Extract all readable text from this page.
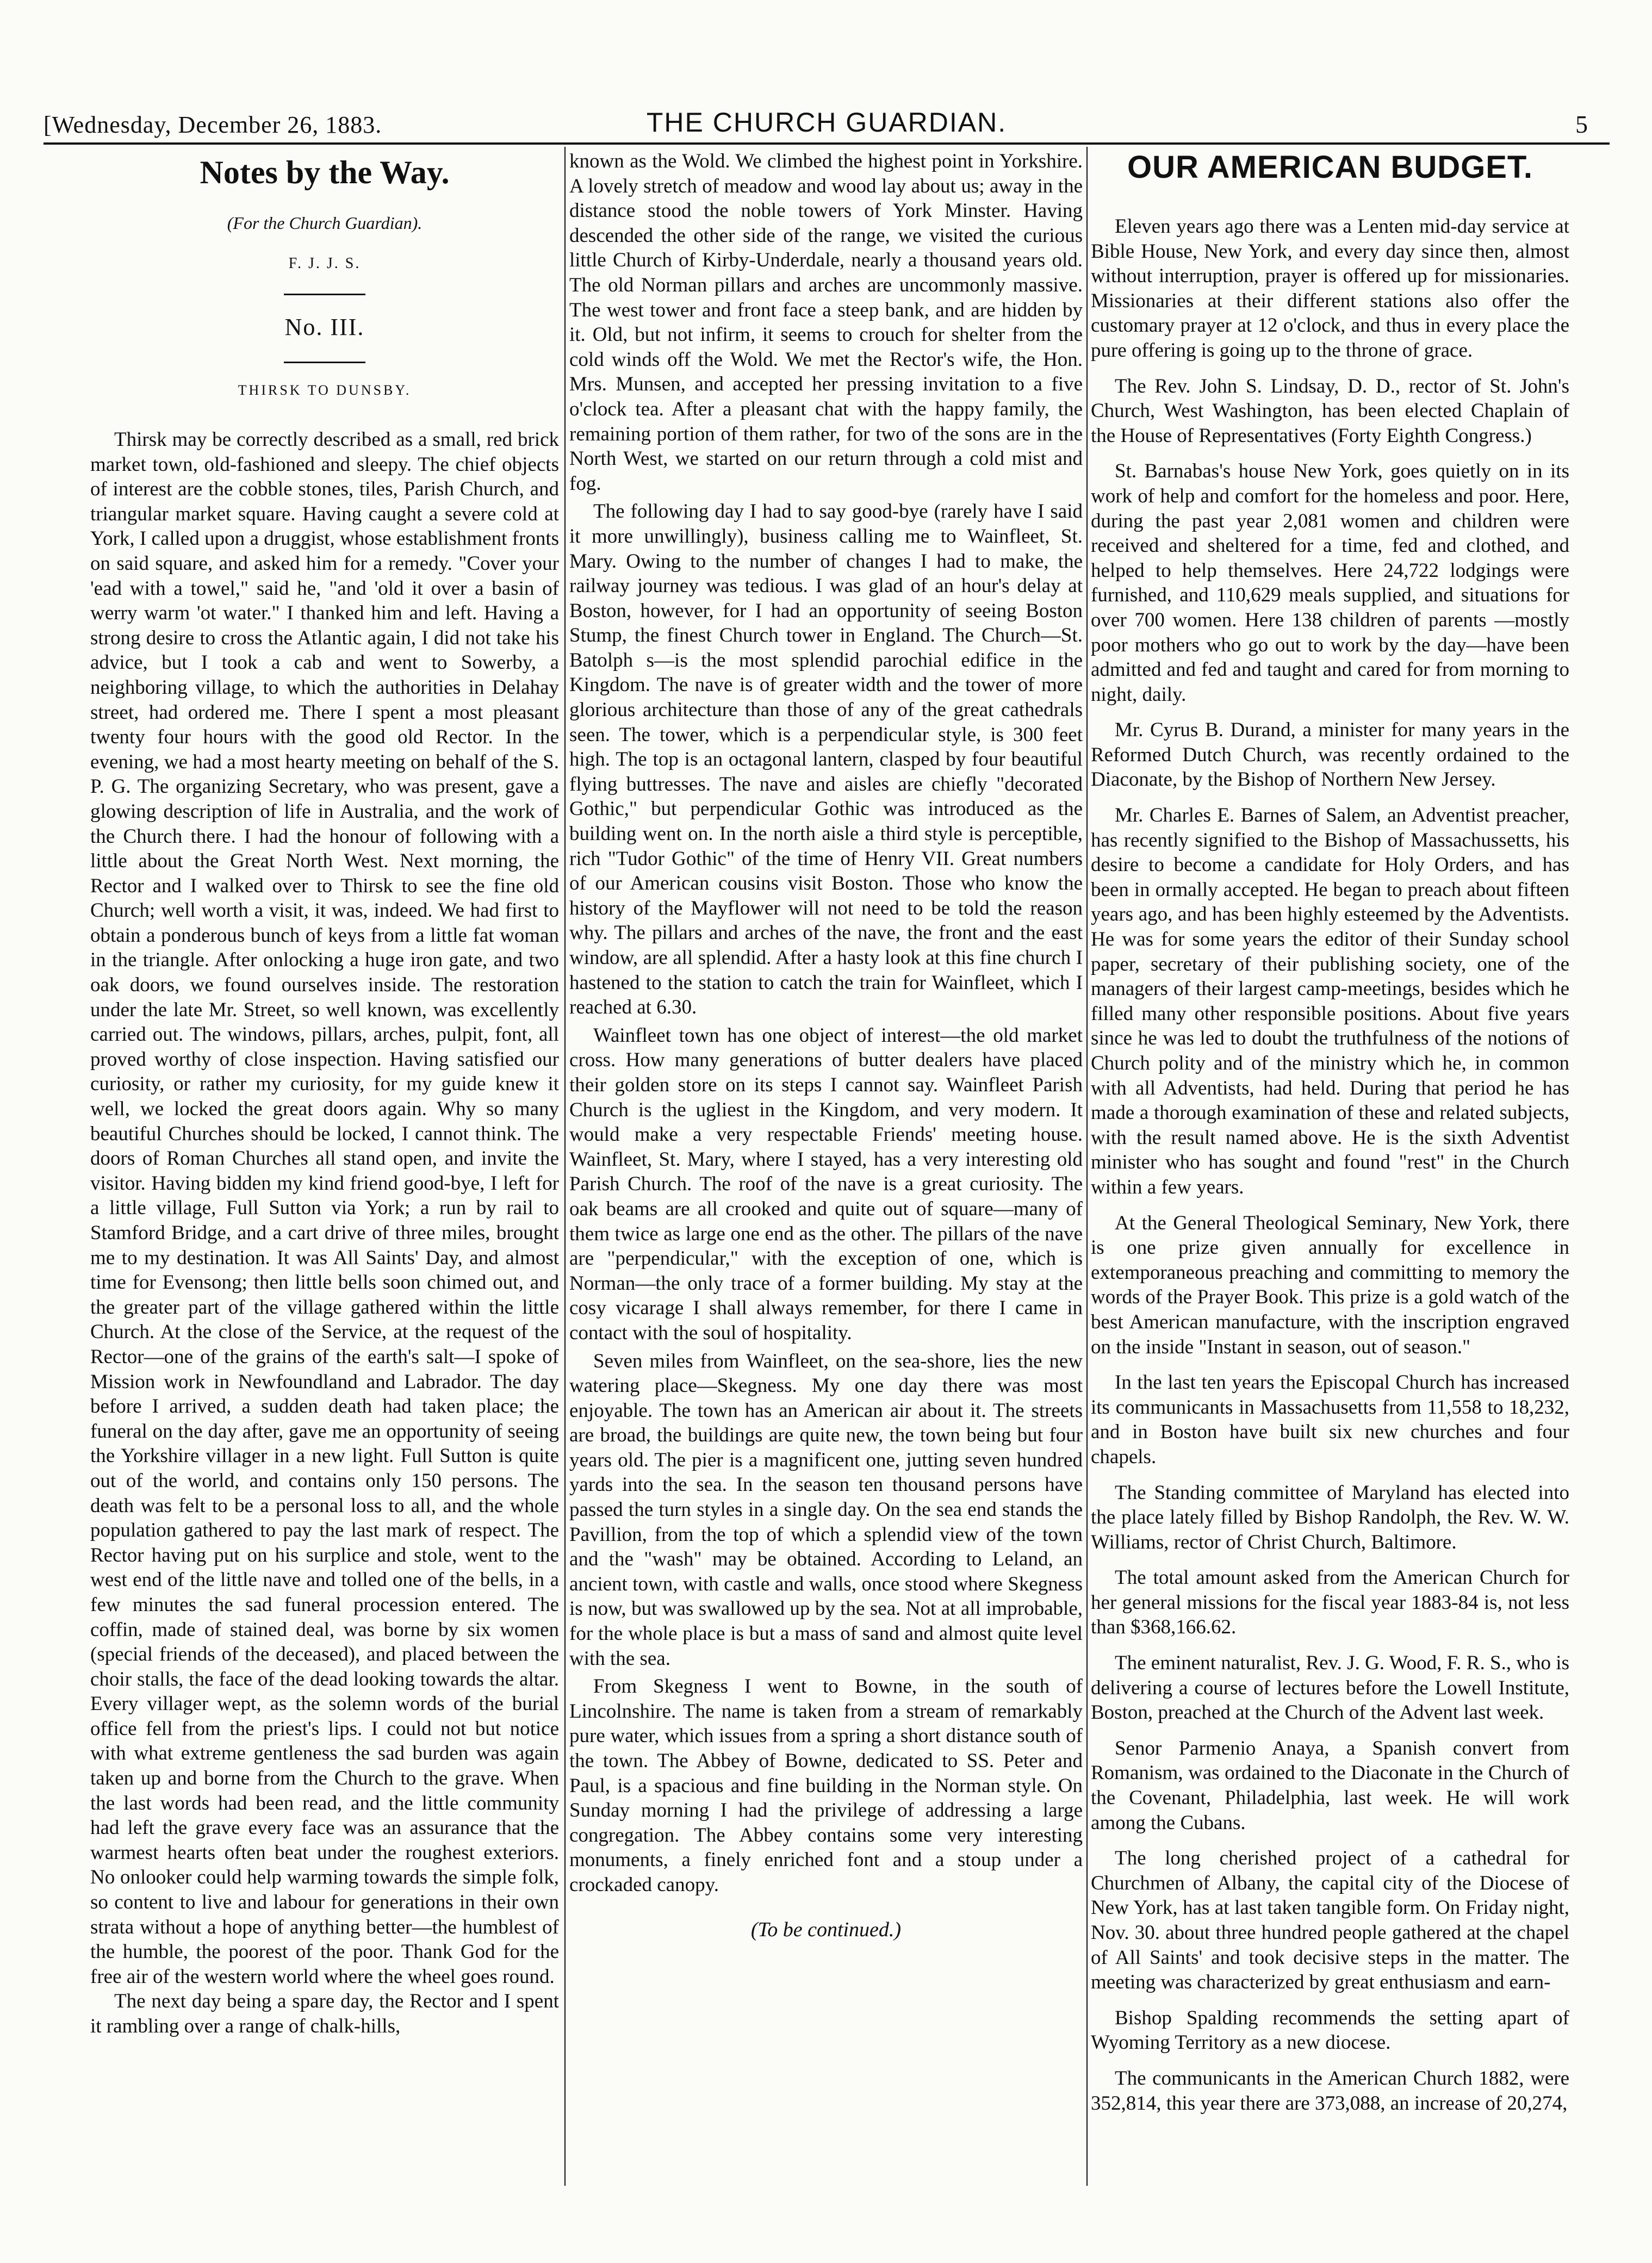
[Wednesday, December 26, 1883.	THE CHURCH GUARDIAN.	5
Notes by the Way.
(For the Church Guardian).
F. J. J. S.
No. III.
THIRSK TO DUNSBY.

Thirsk may be correctly described as a small, red brick market town, old-fashioned and sleepy. The chief objects of interest are the cobble stones, tiles, Parish Church, and triangular market square. Having caught a severe cold at York, I called upon a druggist, whose establishment fronts on said square, and asked him for a remedy. "Cover your 'ead with a towel," said he, "and 'old it over a basin of werry warm 'ot water." I thanked him and left. Having a strong desire to cross the Atlantic again, I did not take his advice, but I took a cab and went to Sowerby, a neighboring village, to which the authorities in Delahay street, had ordered me. There I spent a most pleasant twenty four hours with the good old Rector. In the evening, we had a most hearty meeting on behalf of the S. P. G. The organizing Secretary, who was present, gave a glowing description of life in Australia, and the work of the Church there. I had the honour of following with a little about the Great North West. Next morning, the Rector and I walked over to Thirsk to see the fine old Church; well worth a visit, it was, indeed. We had first to obtain a ponderous bunch of keys from a little fat woman in the triangle. After onlocking a huge iron gate, and two oak doors, we found ourselves inside. The restoration under the late Mr. Street, so well known, was excellently carried out. The windows, pillars, arches, pulpit, font, all proved worthy of close inspection. Having satisfied our curiosity, or rather my curiosity, for my guide knew it well, we locked the great doors again. Why so many beautiful Churches should be locked, I cannot think. The doors of Roman Churches all stand open, and invite the visitor. Having bidden my kind friend good-bye, I left for a little village, Full Sutton via York; a run by rail to Stamford Bridge, and a cart drive of three miles, brought me to my destination. It was All Saints' Day, and almost time for Evensong; then little bells soon chimed out, and the greater part of the village gathered within the little Church. At the close of the Service, at the request of the Rector—one of the grains of the earth's salt—I spoke of Mission work in Newfoundland and Labrador. The day before I arrived, a sudden death had taken place; the funeral on the day after, gave me an opportunity of seeing the Yorkshire villager in a new light. Full Sutton is quite out of the world, and contains only 150 persons. The death was felt to be a personal loss to all, and the whole population gathered to pay the last mark of respect. The Rector having put on his surplice and stole, went to the west end of the little nave and tolled one of the bells, in a few minutes the sad funeral procession entered. The coffin, made of stained deal, was borne by six women (special friends of the deceased), and placed between the choir stalls, the face of the dead looking towards the altar. Every villager wept, as the solemn words of the burial office fell from the priest's lips. I could not but notice with what extreme gentleness the sad burden was again taken up and borne from the Church to the grave. When the last words had been read, and the little community had left the grave every face was an assurance that the warmest hearts often beat under the roughest exteriors. No onlooker could help warming towards the simple folk, so content to live and labour for generations in their own strata without a hope of anything better—the humblest of the humble, the poorest of the poor. Thank God for the free air of the western world where the wheel goes round.

The next day being a spare day, the Rector and I spent it rambling over a range of chalk-hills,

known as the Wold. We climbed the highest point in Yorkshire. A lovely stretch of meadow and wood lay about us; away in the distance stood the noble towers of York Minster. Having descended the other side of the range, we visited the curious little Church of Kirby-Underdale, nearly a thousand years old. The old Norman pillars and arches are uncommonly massive. The west tower and front face a steep bank, and are hidden by it. Old, but not infirm, it seems to crouch for shelter from the cold winds off the Wold. We met the Rector's wife, the Hon. Mrs. Munsen, and accepted her pressing invitation to a five o'clock tea. After a pleasant chat with the happy family, the remaining portion of them rather, for two of the sons are in the North West, we started on our return through a cold mist and fog.

The following day I had to say good-bye (rarely have I said it more unwillingly), business calling me to Wainfleet, St. Mary. Owing to the number of changes I had to make, the railway journey was tedious. I was glad of an hour's delay at Boston, however, for I had an opportunity of seeing Boston Stump, the finest Church tower in England. The Church—St. Batolph s—is the most splendid parochial edifice in the Kingdom. The nave is of greater width and the tower of more glorious architecture than those of any of the great cathedrals seen. The tower, which is a perpendicular style, is 300 feet high. The top is an octagonal lantern, clasped by four beautiful flying buttresses. The nave and aisles are chiefly "decorated Gothic," but perpendicular Gothic was introduced as the building went on. In the north aisle a third style is perceptible, rich "Tudor Gothic" of the time of Henry VII. Great numbers of our American cousins visit Boston. Those who know the history of the Mayflower will not need to be told the reason why. The pillars and arches of the nave, the front and the east window, are all splendid. After a hasty look at this fine church I hastened to the station to catch the train for Wainfleet, which I reached at 6.30.

Wainfleet town has one object of interest—the old market cross. How many generations of butter dealers have placed their golden store on its steps I cannot say. Wainfleet Parish Church is the ugliest in the Kingdom, and very modern. It would make a very respectable Friends' meeting house. Wainfleet, St. Mary, where I stayed, has a very interesting old Parish Church. The roof of the nave is a great curiosity. The oak beams are all crooked and quite out of square—many of them twice as large one end as the other. The pillars of the nave are "perpendicular," with the exception of one, which is Norman—the only trace of a former building. My stay at the cosy vicarage I shall always remember, for there I came in contact with the soul of hospitality.

Seven miles from Wainfleet, on the sea-shore, lies the new watering place—Skegness. My one day there was most enjoyable. The town has an American air about it. The streets are broad, the buildings are quite new, the town being but four years old. The pier is a magnificent one, jutting seven hundred yards into the sea. In the season ten thousand persons have passed the turn styles in a single day. On the sea end stands the Pavillion, from the top of which a splendid view of the town and the "wash" may be obtained. According to Leland, an ancient town, with castle and walls, once stood where Skegness is now, but was swallowed up by the sea. Not at all improbable, for the whole place is but a mass of sand and almost quite level with the sea.

From Skegness I went to Bowne, in the south of Lincolnshire. The name is taken from a stream of remarkably pure water, which issues from a spring a short distance south of the town. The Abbey of Bowne, dedicated to SS. Peter and Paul, is a spacious and fine building in the Norman style. On Sunday morning I had the privilege of addressing a large congregation. The Abbey contains some very interesting monuments, a finely enriched font and a stoup under a crockaded canopy.

(To be continued.)
OUR AMERICAN BUDGET.

Eleven years ago there was a Lenten mid-day service at Bible House, New York, and every day since then, almost without interruption, prayer is offered up for missionaries. Missionaries at their different stations also offer the customary prayer at 12 o'clock, and thus in every place the pure offering is going up to the throne of grace.

The Rev. John S. Lindsay, D. D., rector of St. John's Church, West Washington, has been elected Chaplain of the House of Representatives (Forty Eighth Congress.)

St. Barnabas's house New York, goes quietly on in its work of help and comfort for the homeless and poor. Here, during the past year 2,081 women and children were received and sheltered for a time, fed and clothed, and helped to help themselves. Here 24,722 lodgings were furnished, and 110,629 meals supplied, and situations for over 700 women. Here 138 children of parents —mostly poor mothers who go out to work by the day—have been admitted and fed and taught and cared for from morning to night, daily.

Mr. Cyrus B. Durand, a minister for many years in the Reformed Dutch Church, was recently ordained to the Diaconate, by the Bishop of Northern New Jersey.

Mr. Charles E. Barnes of Salem, an Adventist preacher, has recently signified to the Bishop of Massachussetts, his desire to become a candidate for Holy Orders, and has been in ormally accepted. He began to preach about fifteen years ago, and has been highly esteemed by the Adventists. He was for some years the editor of their Sunday school paper, secretary of their publishing society, one of the managers of their largest camp-meetings, besides which he filled many other responsible positions. About five years since he was led to doubt the truthfulness of the notions of Church polity and of the ministry which he, in common with all Adventists, had held. During that period he has made a thorough examination of these and related subjects, with the result named above. He is the sixth Adventist minister who has sought and found "rest" in the Church within a few years.

At the General Theological Seminary, New York, there is one prize given annually for excellence in extemporaneous preaching and committing to memory the words of the Prayer Book. This prize is a gold watch of the best American manufacture, with the inscription engraved on the inside "Instant in season, out of season."

In the last ten years the Episcopal Church has increased its communicants in Massachusetts from 11,558 to 18,232, and in Boston have built six new churches and four chapels.

The Standing committee of Maryland has elected into the place lately filled by Bishop Randolph, the Rev. W. W. Williams, rector of Christ Church, Baltimore.

The total amount asked from the American Church for her general missions for the fiscal year 1883-84 is, not less than $368,166.62.

The eminent naturalist, Rev. J. G. Wood, F. R. S., who is delivering a course of lectures before the Lowell Institute, Boston, preached at the Church of the Advent last week.

Senor Parmenio Anaya, a Spanish convert from Romanism, was ordained to the Diaconate in the Church of the Covenant, Philadelphia, last week. He will work among the Cubans.

The long cherished project of a cathedral for Churchmen of Albany, the capital city of the Diocese of New York, has at last taken tangible form. On Friday night, Nov. 30. about three hundred people gathered at the chapel of All Saints' and took decisive steps in the matter. The meeting was characterized by great enthusiasm and earn-

Bishop Spalding recommends the setting apart of Wyoming Territory as a new diocese.

The communicants in the American Church 1882, were 352,814, this year there are 373,088, an increase of 20,274,
